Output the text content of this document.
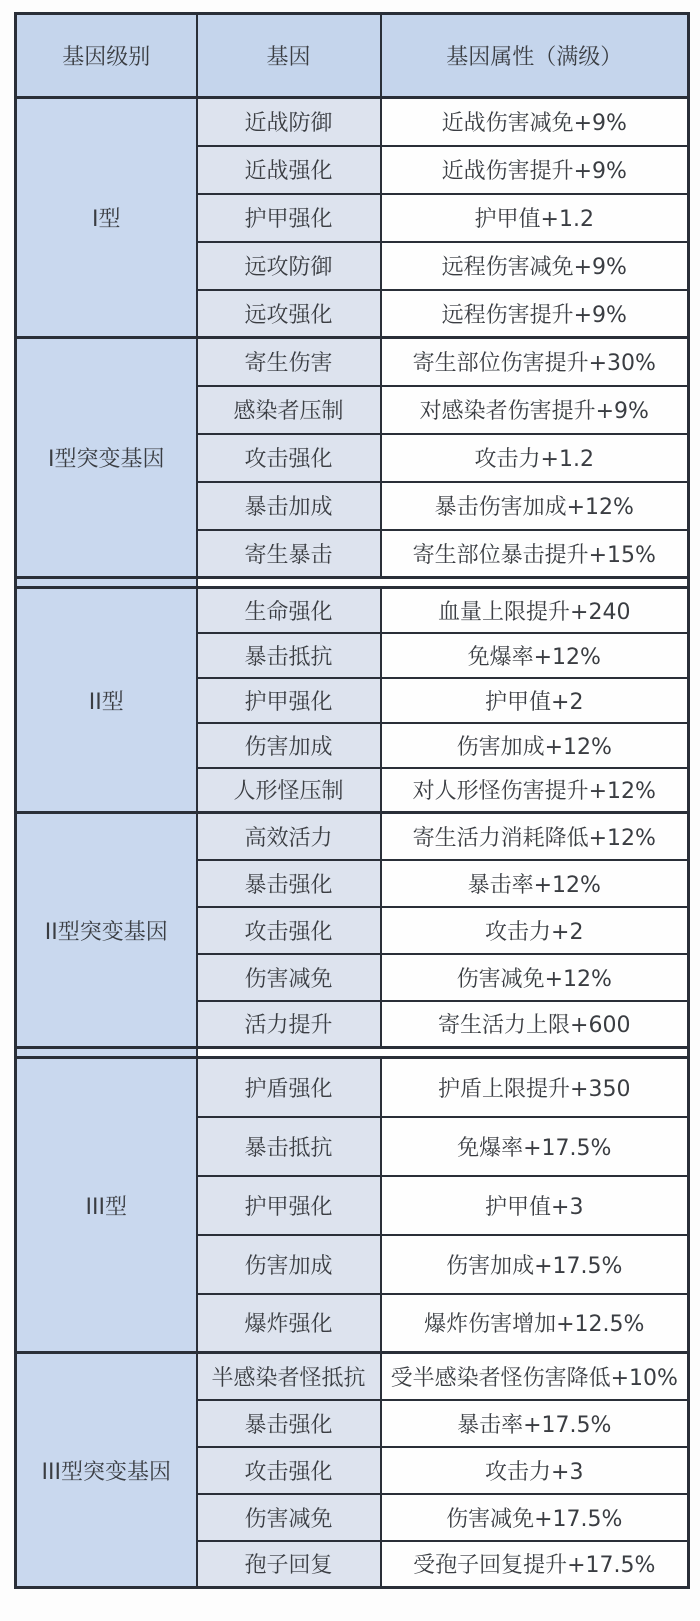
基因级别	基因	基因属性（满级）
I型	近战防御	近战伤害减免+9%
	近战强化	近战伤害提升+9%
	护甲强化	护甲值+1.2
	远攻防御	远程伤害减免+9%
	远攻强化	远程伤害提升+9%
I型突变基因	寄生伤害	寄生部位伤害提升+30%
	感染者压制	对感染者伤害提升+9%
	攻击强化	攻击力+1.2
	暴击加成	暴击伤害加成+12%
	寄生暴击	寄生部位暴击提升+15%

II型	生命强化	血量上限提升+240
	暴击抵抗	免爆率+12%
	护甲强化	护甲值+2
	伤害加成	伤害加成+12%
	人形怪压制	对人形怪伤害提升+12%
II型突变基因	高效活力	寄生活力消耗降低+12%
	暴击强化	暴击率+12%
	攻击强化	攻击力+2
	伤害减免	伤害减免+12%
	活力提升	寄生活力上限+600

III型	护盾强化	护盾上限提升+350
	暴击抵抗	免爆率+17.5%
	护甲强化	护甲值+3
	伤害加成	伤害加成+17.5%
	爆炸强化	爆炸伤害增加+12.5%
III型突变基因	半感染者怪抵抗	受半感染者怪伤害降低+10%
	暴击强化	暴击率+17.5%
	攻击强化	攻击力+3
	伤害减免	伤害减免+17.5%
	孢子回复	受孢子回复提升+17.5%
